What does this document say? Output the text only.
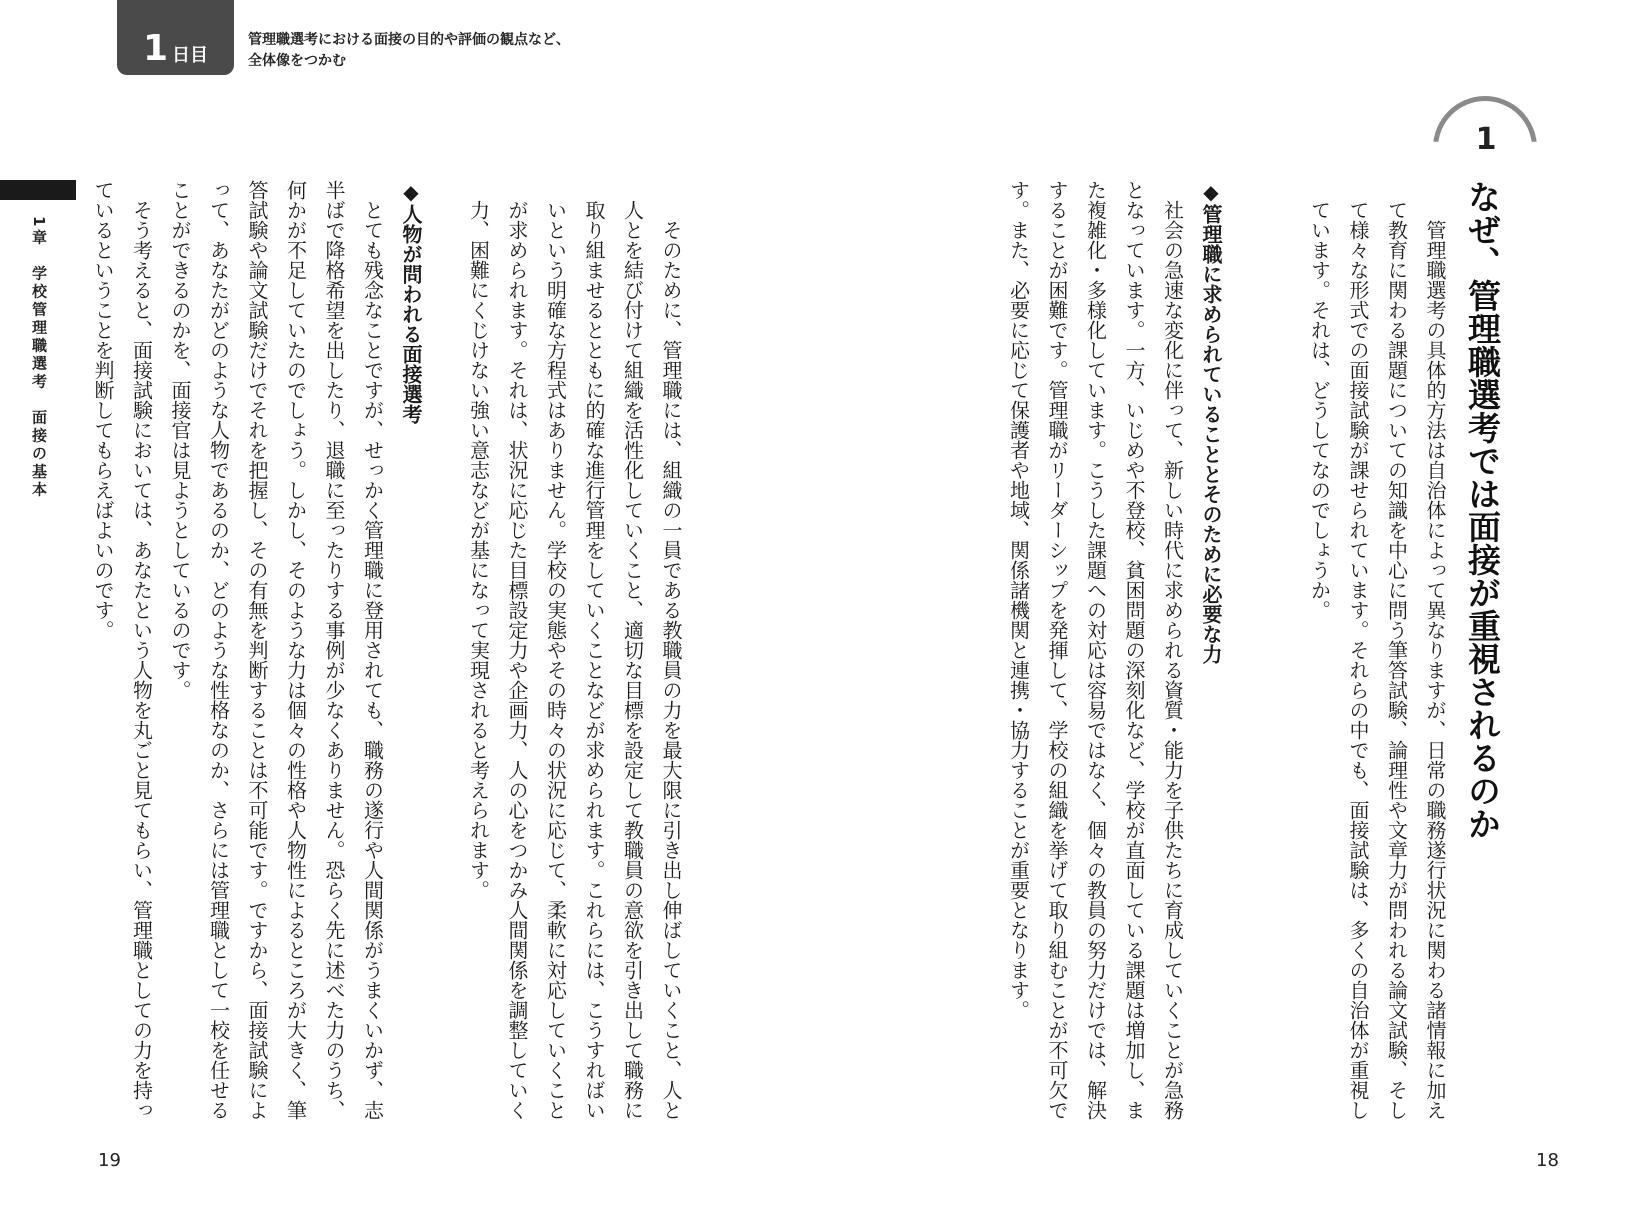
1 日目
管理職選考における面接の目的や評価の観点など、
全体像をつかむ
1章　学校管理職選考　面接の基本
1
なぜ、管理職選考では面接が重視されるのか
　管理職選考の具体的方法は自治体によって異なりますが、日常の職務遂行状況に関わる諸情報に加えて教育に関わる課題についての知識を中心に問う筆答試験、論理性や文章力が問われる論文試験、そして様々な形式での面接試験が課せられています。それらの中でも、面接試験は、多くの自治体が重視しています。それは、どうしてなのでしょうか。
◆管理職に求められていることとそのために必要な力
　社会の急速な変化に伴って、新しい時代に求められる資質・能力を子供たちに育成していくことが急務となっています。一方、いじめや不登校、貧困問題の深刻化など、学校が直面している課題は増加し、また複雑化・多様化しています。こうした課題への対応は容易ではなく、個々の教員の努力だけでは、解決することが困難です。管理職がリーダーシップを発揮して、学校の組織を挙げて取り組むことが不可欠です。また、必要に応じて保護者や地域、関係諸機関と連携・協力することが重要となります。
18
　そのために、管理職には、組織の一員である教職員の力を最大限に引き出し伸ばしていくこと、人と人とを結び付けて組織を活性化していくこと、適切な目標を設定して教職員の意欲を引き出して職務に取り組ませるとともに的確な進行管理をしていくことなどが求められます。これらには、こうすればいいという明確な方程式はありません。学校の実態やその時々の状況に応じて、柔軟に対応していくことが求められます。それは、状況に応じた目標設定力や企画力、人の心をつかみ人間関係を調整していく力、困難にくじけない強い意志などが基になって実現されると考えられます。
◆人物が問われる面接選考
　とても残念なことですが、せっかく管理職に登用されても、職務の遂行や人間関係がうまくいかず、志半ばで降格希望を出したり、退職に至ったりする事例が少なくありません。恐らく先に述べた力のうち、何かが不足していたのでしょう。しかし、そのような力は個々の性格や人物性によるところが大きく、筆答試験や論文試験だけでそれを把握し、その有無を判断することは不可能です。ですから、面接試験によって、あなたがどのような人物であるのか、どのような性格なのか、さらには管理職として一校を任せることができるのかを、面接官は見ようとしているのです。
　そう考えると、面接試験においては、あなたという人物を丸ごと見てもらい、管理職としての力を持っているということを判断してもらえばよいのです。
19
